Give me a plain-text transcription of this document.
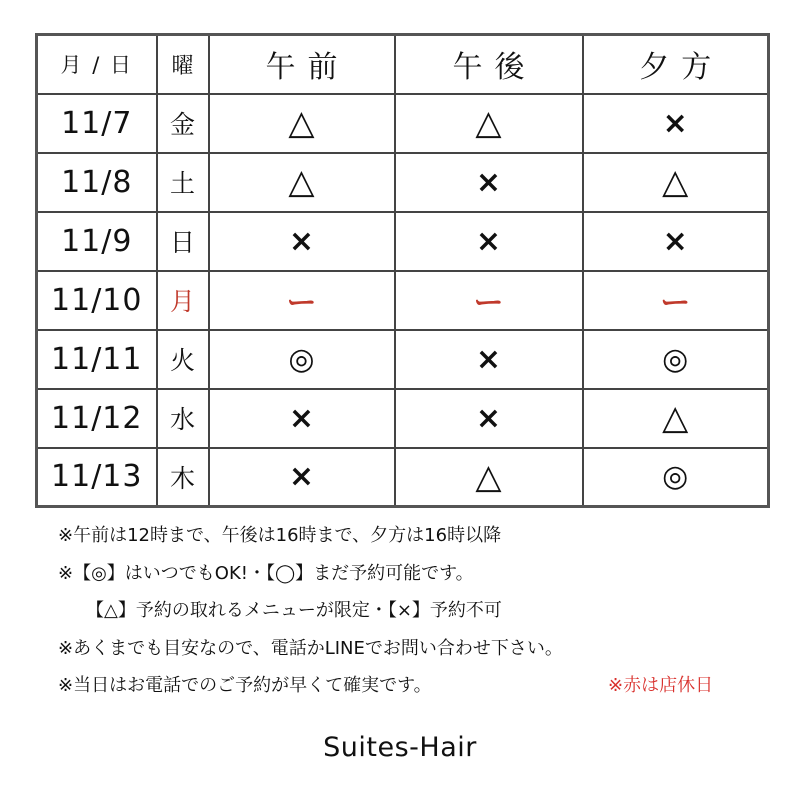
月 / 日	曜	午前	午後	夕方
11/7	金	△	△	×
11/8	土	△	×	△
11/9	日	×	×	×
11/10	月	ー	ー	ー
11/11	火	◎	×	◎
11/12	水	×	×	△
11/13	木	×	△	◎
※午前は12時まで、午後は16時まで、夕方は16時以降
※【◎】はいつでもOK!・【◯】まだ予約可能です。
【△】予約の取れるメニューが限定・【×】予約不可
※あくまでも目安なので、電話かLINEでお問い合わせ下さい。
※当日はお電話でのご予約が早くて確実です。	※赤は店休日
Suites-Hair
